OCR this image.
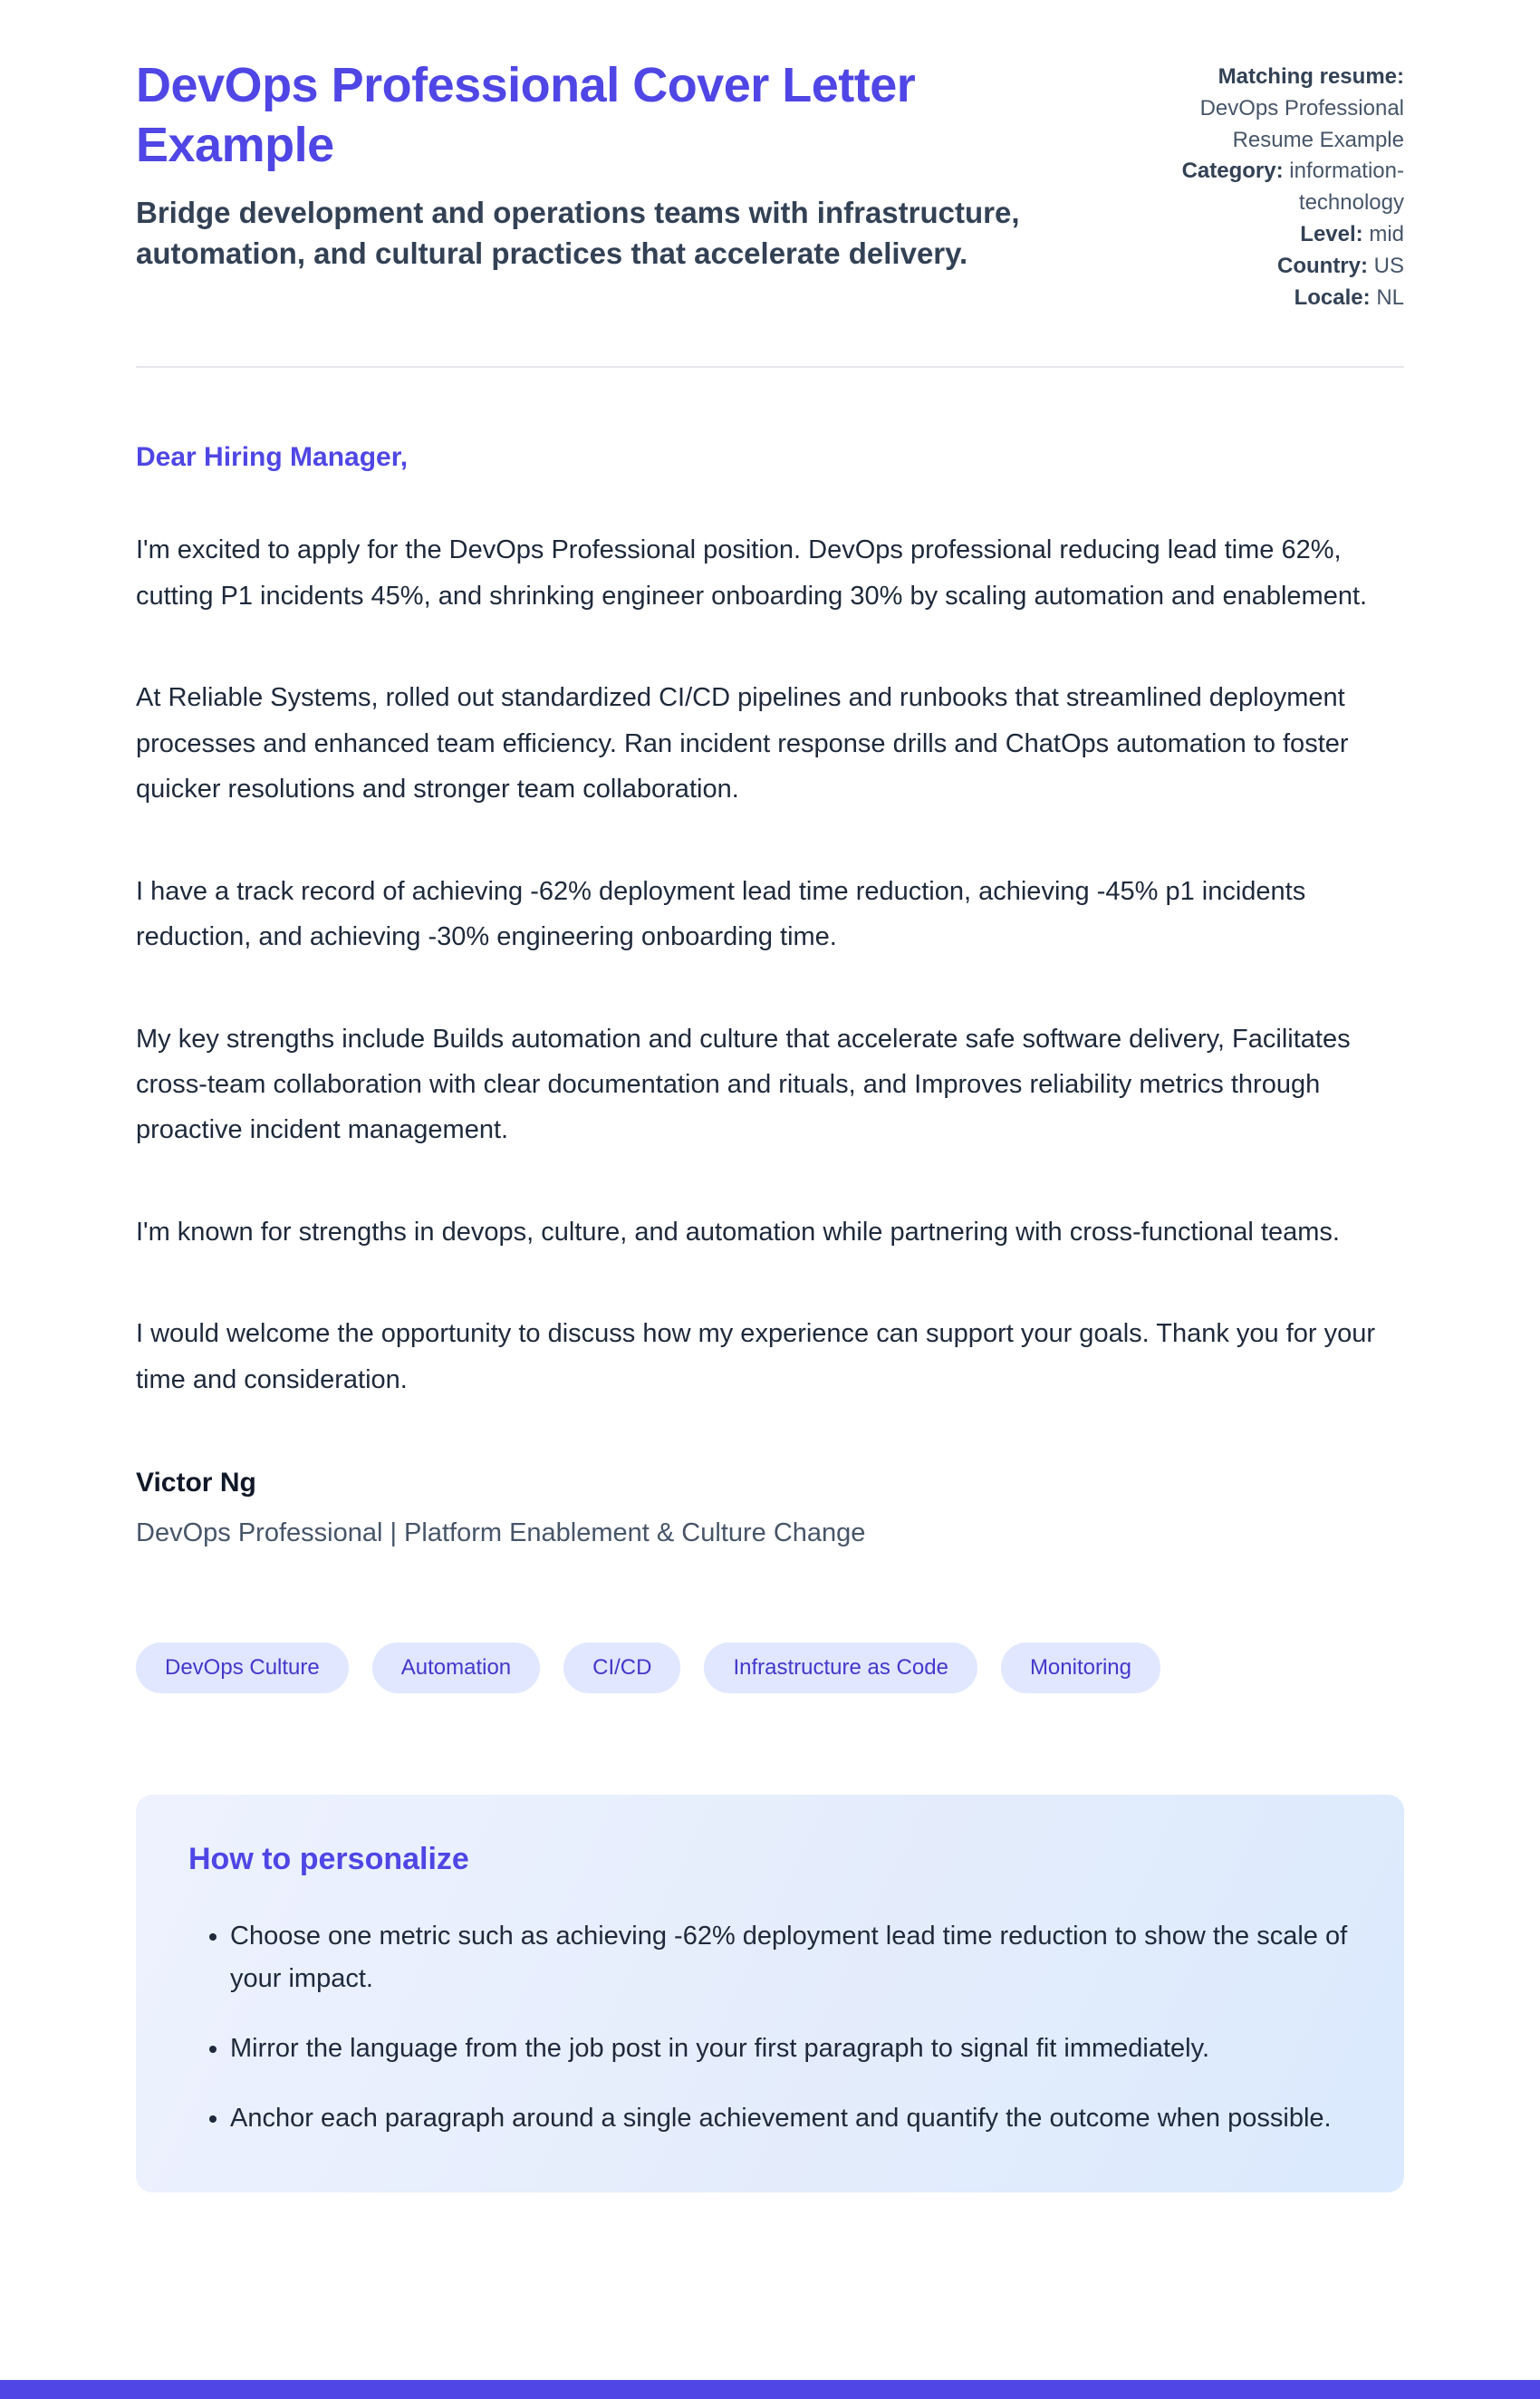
DevOps Professional Cover Letter Example
Bridge development and operations teams with infrastructure, automation, and cultural practices that accelerate delivery.
Matching resume:
DevOps Professional Resume Example
Category: information-technology
Level: mid
Country: US
Locale: NL
Dear Hiring Manager,

I'm excited to apply for the DevOps Professional position. DevOps professional reducing lead time 62%, cutting P1 incidents 45%, and shrinking engineer onboarding 30% by scaling automation and enablement.

At Reliable Systems, rolled out standardized CI/CD pipelines and runbooks that streamlined deployment processes and enhanced team efficiency. Ran incident response drills and ChatOps automation to foster quicker resolutions and stronger team collaboration.

I have a track record of achieving -62% deployment lead time reduction, achieving -45% p1 incidents reduction, and achieving -30% engineering onboarding time.

My key strengths include Builds automation and culture that accelerate safe software delivery, Facilitates cross-team collaboration with clear documentation and rituals, and Improves reliability metrics through proactive incident management.

I'm known for strengths in devops, culture, and automation while partnering with cross-functional teams.

I would welcome the opportunity to discuss how my experience can support your goals. Thank you for your time and consideration.

Victor Ng
DevOps Professional | Platform Enablement & Culture Change
DevOps Culture	Automation	CI/CD	Infrastructure as Code	Monitoring
How to personalize
• Choose one metric such as achieving -62% deployment lead time reduction to show the scale of your impact.
• Mirror the language from the job post in your first paragraph to signal fit immediately.
• Anchor each paragraph around a single achievement and quantify the outcome when possible.
